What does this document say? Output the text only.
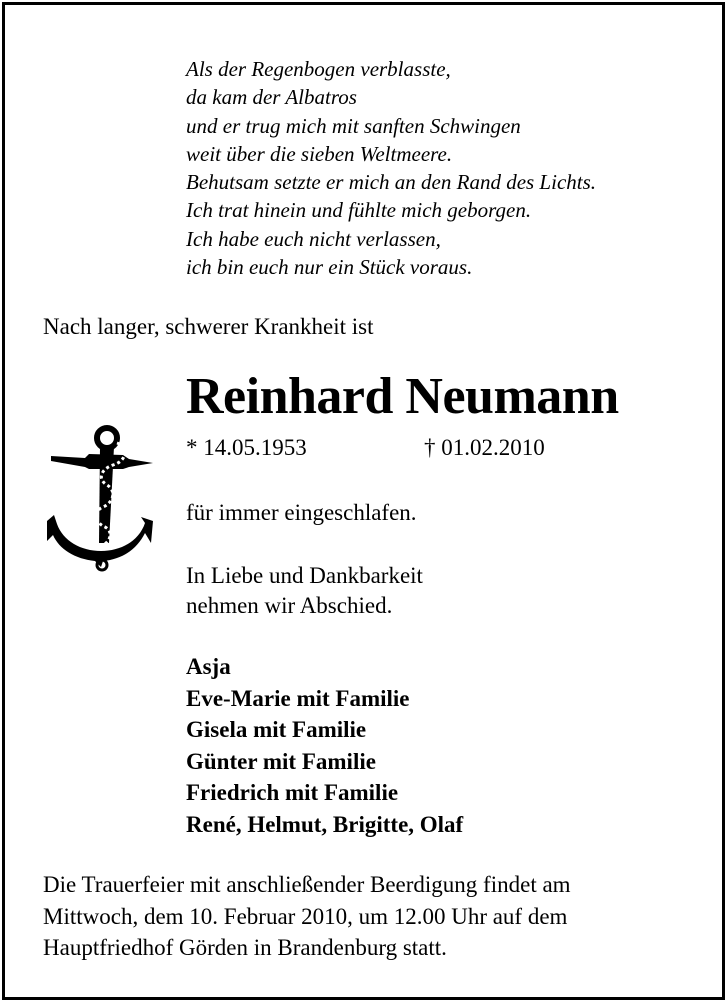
Als der Regenbogen verblasste,
da kam der Albatros
und er trug mich mit sanften Schwingen
weit über die sieben Weltmeere.
Behutsam setzte er mich an den Rand des Lichts.
Ich trat hinein und fühlte mich geborgen.
Ich habe euch nicht verlassen,
ich bin euch nur ein Stück voraus.
Nach langer, schwerer Krankheit ist
Reinhard Neumann
* 14.05.1953	† 01.02.2010
für immer eingeschlafen.
In Liebe und Dankbarkeit
nehmen wir Abschied.
Asja
Eve-Marie mit Familie
Gisela mit Familie
Günter mit Familie
Friedrich mit Familie
René, Helmut, Brigitte, Olaf
Die Trauerfeier mit anschließender Beerdigung findet am
Mittwoch, dem 10. Februar 2010, um 12.00 Uhr auf dem
Hauptfriedhof Görden in Brandenburg statt.
